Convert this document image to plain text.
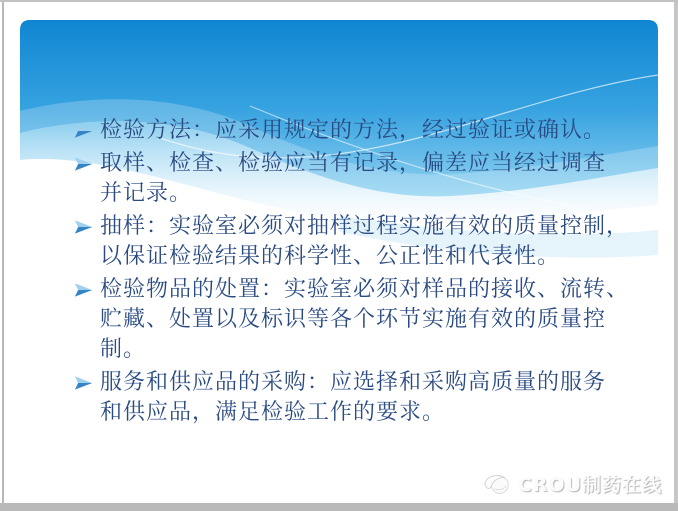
检验方法：应采用规定的方法，经过验证或确认。
取样、检查、检验应当有记录，偏差应当经过调查
并记录。
抽样：实验室必须对抽样过程实施有效的质量控制，
以保证检验结果的科学性、公正性和代表性。
检验物品的处置：实验室必须对样品的接收、流转、
贮藏、处置以及标识等各个环节实施有效的质量控
制。
服务和供应品的采购：应选择和采购高质量的服务
和供应品，满足检验工作的要求。
CROU制药在线
